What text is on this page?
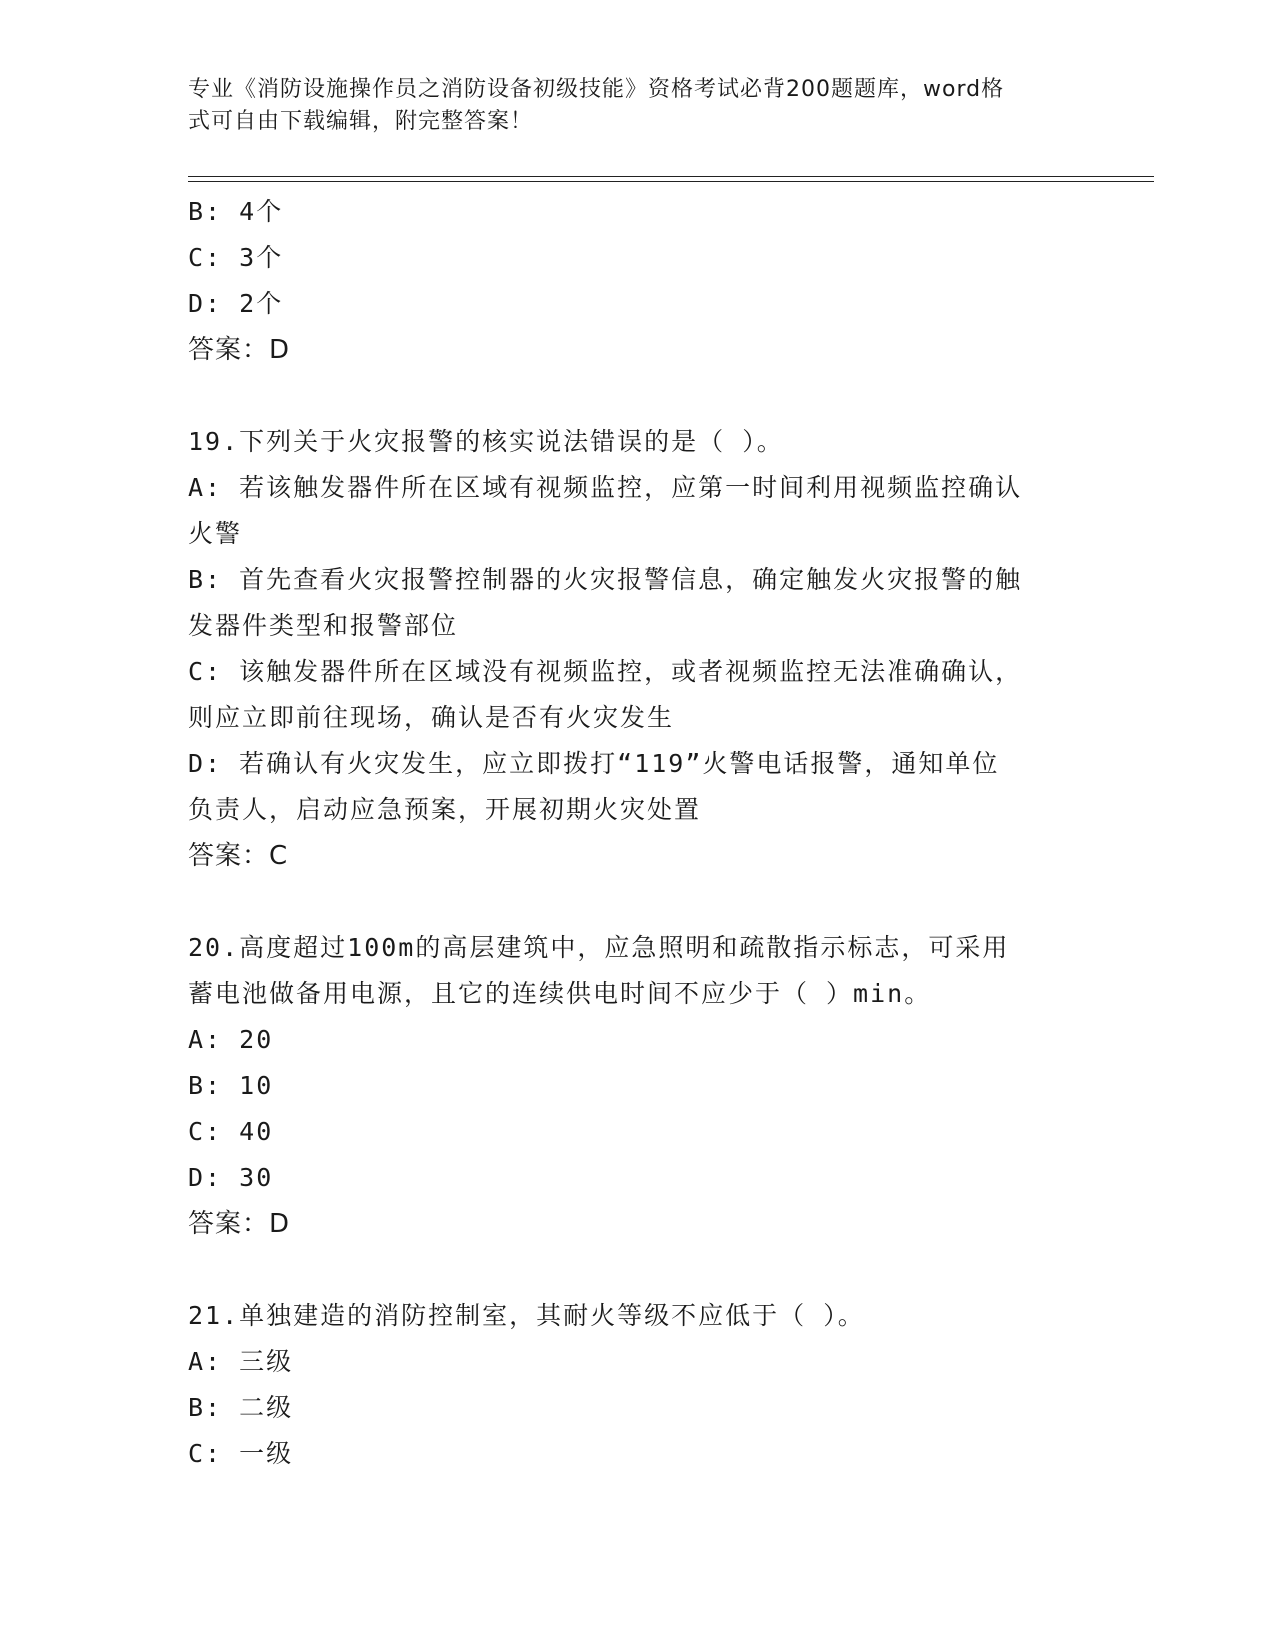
专业《消防设施操作员之消防设备初级技能》资格考试必背200题题库，word格
式可自由下载编辑，附完整答案！
B: 4个
C: 3个
D: 2个
答案：D
19.下列关于火灾报警的核实说法错误的是（ ）。
A: 若该触发器件所在区域有视频监控，应第一时间利用视频监控确认
火警
B: 首先查看火灾报警控制器的火灾报警信息，确定触发火灾报警的触
发器件类型和报警部位
C: 该触发器件所在区域没有视频监控，或者视频监控无法准确确认，
则应立即前往现场，确认是否有火灾发生
D: 若确认有火灾发生，应立即拨打“119”火警电话报警，通知单位
负责人，启动应急预案，开展初期火灾处置
答案：C
20.高度超过100m的高层建筑中，应急照明和疏散指示标志，可采用
蓄电池做备用电源，且它的连续供电时间不应少于（ ）min。
A: 20
B: 10
C: 40
D: 30
答案：D
21.单独建造的消防控制室，其耐火等级不应低于（ ）。
A: 三级
B: 二级
C: 一级
